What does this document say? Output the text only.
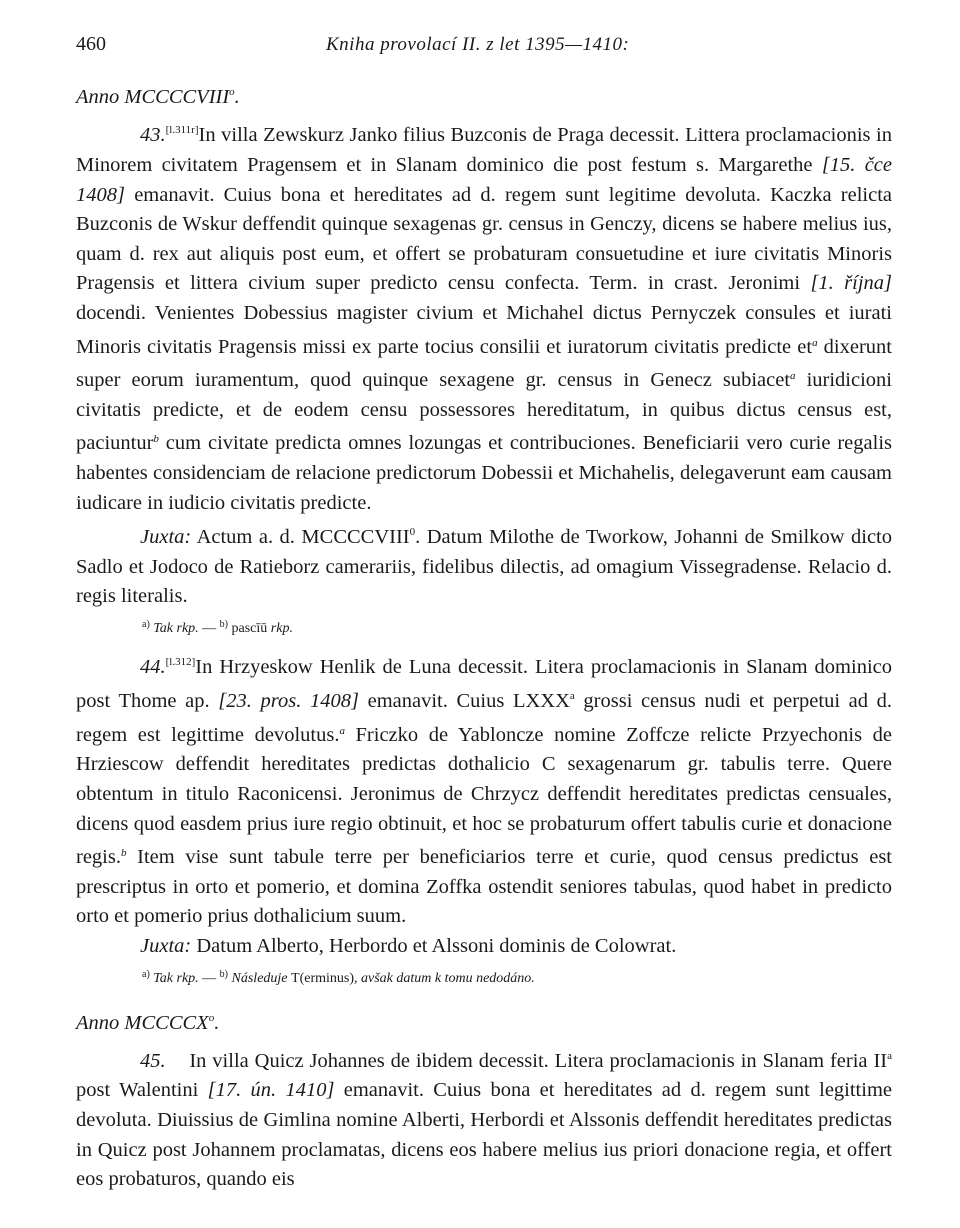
460	Kniha provolací II. z let 1395—1410:
Anno MCCCCVIII$^o$.

43.[l.311r]In villa Zewskurz Janko filius Buzconis de Praga decessit. Littera proclamacionis in Minorem civitatem Pragensem et in Slanam dominico die post festum s. Margarethe [15. čce 1408] emanavit. Cuius bona et hereditates ad d. regem sunt legitime devoluta. Kaczka relicta Buzconis de Wskur deffendit quinque sexagenas gr. census in Genczy, dicens se habere melius ius, quam d. rex aut aliquis post eum, et offert se probaturam consuetudine et iure civitatis Minoris Pragensis et littera civium super predicto censu confecta. Term. in crast. Jeronimi [1. října] docendi. Venientes Dobessius magister civium et Michahel dictus Pernyczek consules et iurati Minoris civitatis Pragensis missi ex parte tocius consilii et iuratorum civitatis predicte $et^a$ dixerunt super eorum iuramentum, quod quinque sexagene gr. census in Genecz subiacet$^a$ iuridicioni civitatis predicte, et de eodem censu possessores hereditatum, in quibus dictus census est, paciuntur$^b$ cum civitate predicta omnes lozungas et contribuciones. Beneficiarii vero curie regalis habentes considenciam de relacione predictorum Dobessii et Michahelis, delegaverunt eam causam iudicare in iudicio civitatis predicte.

Juxta: Actum a. d. MCCCCVIII$^0$. Datum Milothe de Tworkow, Johanni de Smilkow dicto Sadlo et Jodoco de Ratieborz camerariis, fidelibus dilectis, ad omagium Vissegradense. Relacio d. regis literalis.

$^{a)}$ Tak rkp. — $^{b)}$ pascīū rkp.

44.[l.312]In Hrzyeskow Henlik de Luna decessit. Litera proclamacionis in Slanam dominico post Thome ap. [23. pros. 1408] emanavit. Cuius LXXX$^a$ grossi census nudi et perpetui ad d. regem est legittime devolutus.$^a$ Friczko de Yabloncze nomine Zoffcze relicte Przyechonis de Hrziescow deffendit hereditates predictas dothalicio C sexagenarum gr. tabulis terre. Quere obtentum in titulo Raconicensi. Jeronimus de Chrzycz deffendit hereditates predictas censuales, dicens quod easdem prius iure regio obtinuit, et hoc se probaturum offert tabulis curie et donacione regis.$^b$ Item vise sunt tabule terre per beneficiarios terre et curie, quod census predictus est prescriptus in orto et pomerio, et domina Zoffka ostendit seniores tabulas, quod habet in predicto orto et pomerio prius dothalicium suum.

Juxta: Datum Alberto, Herbordo et Alssoni dominis de Colowrat.

$^{a)}$ Tak rkp. — $^{b)}$ Následuje T(erminus), avšak datum k tomu nedodáno.
Anno MCCCCX$^o$.

45. In villa Quicz Johannes de ibidem decessit. Litera proclamacionis in Slanam feria $II^a$ post Walentini [17. ún. 1410] emanavit. Cuius bona et hereditates ad d. regem sunt legittime devoluta. Diuissius de Gimlina nomine Alberti, Herbordi et Alssonis deffendit hereditates predictas in Quicz post Johannem proclamatas, dicens eos habere melius ius priori donacione regia, et offert eos probaturos, quando eis
